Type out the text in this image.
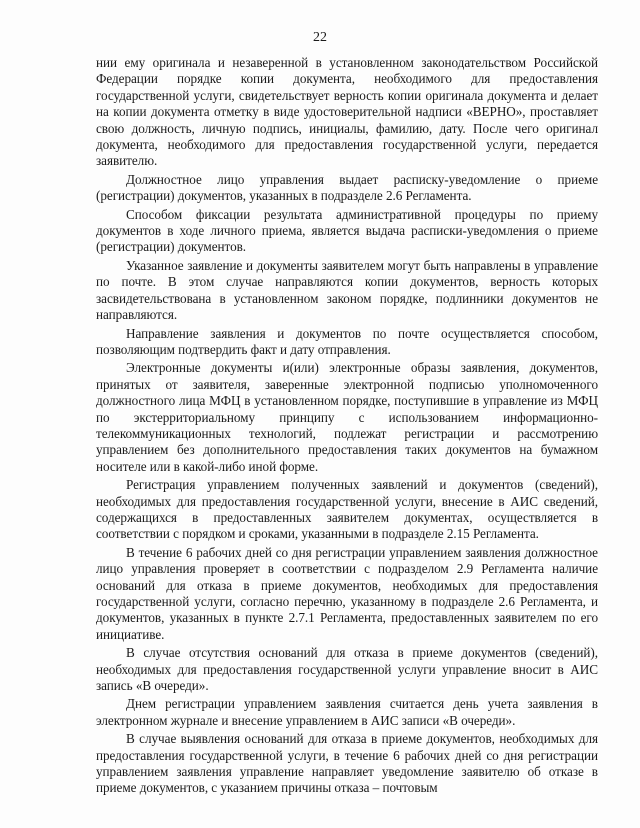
22

нии ему оригинала и незаверенной в установленном законодательством Российской Федерации порядке копии документа, необходимого для предоставления государственной услуги, свидетельствует верность копии оригинала документа и делает на копии документа отметку в виде удостоверительной надписи «ВЕРНО», проставляет свою должность, личную подпись, инициалы, фамилию, дату. После чего оригинал документа, необходимого для предоставления государственной услуги, передается заявителю.

Должностное лицо управления выдает расписку-уведомление о приеме (регистрации) документов, указанных в подразделе 2.6 Регламента.

Способом фиксации результата административной процедуры по приему документов в ходе личного приема, является выдача расписки-уведомления о приеме (регистрации) документов.

Указанное заявление и документы заявителем могут быть направлены в управление по почте. В этом случае направляются копии документов, верность которых засвидетельствована в установленном законом порядке, подлинники документов не направляются.

Направление заявления и документов по почте осуществляется способом, позволяющим подтвердить факт и дату отправления.

Электронные документы и(или) электронные образы заявления, документов, принятых от заявителя, заверенные электронной подписью уполномоченного должностного лица МФЦ в установленном порядке, поступившие в управление из МФЦ по экстерриториальному принципу с использованием информационно-телекоммуникационных технологий, подлежат регистрации и рассмотрению управлением без дополнительного предоставления таких документов на бумажном носителе или в какой-либо иной форме.

Регистрация управлением полученных заявлений и документов (сведений), необходимых для предоставления государственной услуги, внесение в АИС сведений, содержащихся в предоставленных заявителем документах, осуществляется в соответствии с порядком и сроками, указанными в подразделе 2.15 Регламента.

В течение 6 рабочих дней со дня регистрации управлением заявления должностное лицо управления проверяет в соответствии с подразделом 2.9 Регламента наличие оснований для отказа в приеме документов, необходимых для предоставления государственной услуги, согласно перечню, указанному в подразделе 2.6 Регламента, и документов, указанных в пункте 2.7.1 Регламента, предоставленных заявителем по его инициативе.

В случае отсутствия оснований для отказа в приеме документов (сведений), необходимых для предоставления государственной услуги управление вносит в АИС запись «В очереди».

Днем регистрации управлением заявления считается день учета заявления в электронном журнале и внесение управлением в АИС записи «В очереди».

В случае выявления оснований для отказа в приеме документов, необходимых для предоставления государственной услуги, в течение 6 рабочих дней со дня регистрации управлением заявления управление направляет уведомление заявителю об отказе в приеме документов, с указанием причины отказа – почтовым
